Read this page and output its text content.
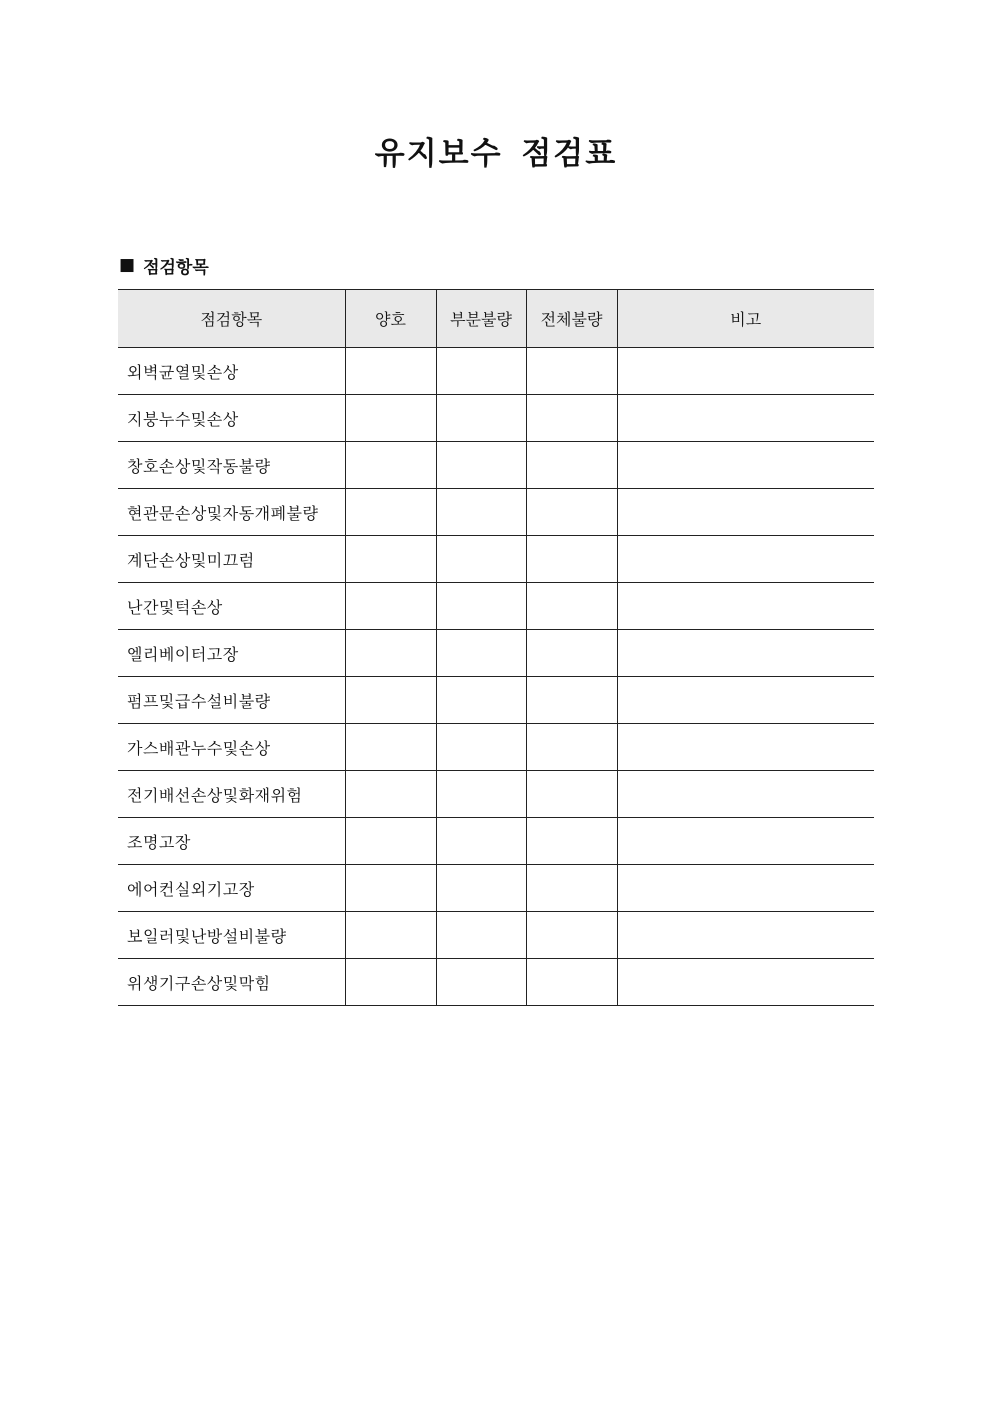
유지보수 점검표
■ 점검항목
점검항목	양호	부분불량	전체불량	비고
외벽균열및손상				
지붕누수및손상				
창호손상및작동불량				
현관문손상및자동개폐불량				
계단손상및미끄럼				
난간및턱손상				
엘리베이터고장				
펌프및급수설비불량				
가스배관누수및손상				
전기배선손상및화재위험				
조명고장				
에어컨실외기고장				
보일러및난방설비불량				
위생기구손상및막힘				
